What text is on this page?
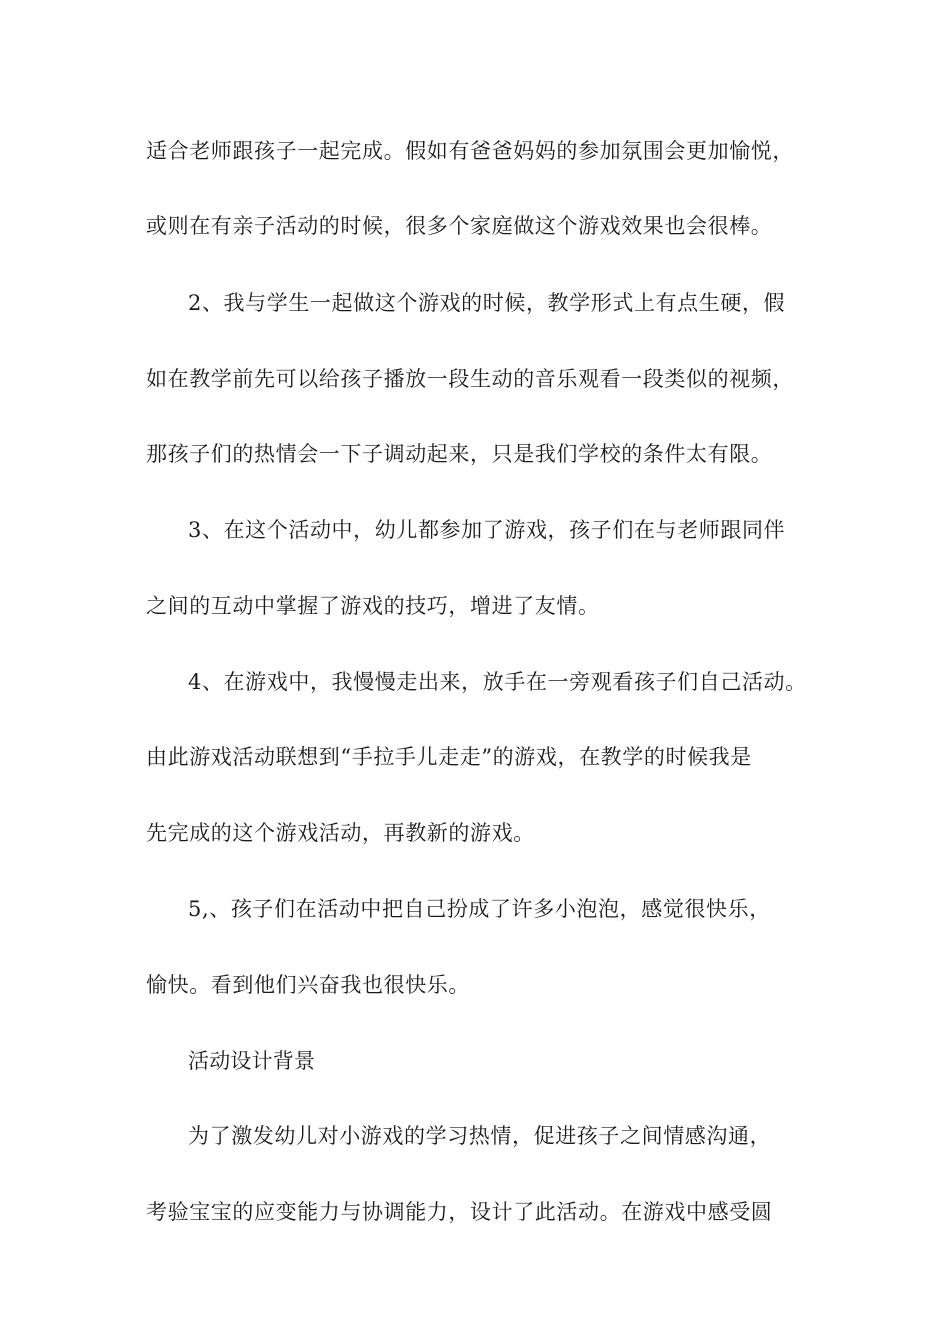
适合老师跟孩子一起完成。假如有爸爸妈妈的参加氛围会更加愉悦，
或则在有亲子活动的时候，很多个家庭做这个游戏效果也会很棒。
2、我与学生一起做这个游戏的时候，教学形式上有点生硬，假
如在教学前先可以给孩子播放一段生动的音乐观看一段类似的视频，
那孩子们的热情会一下子调动起来，只是我们学校的条件太有限。
3、在这个活动中，幼儿都参加了游戏，孩子们在与老师跟同伴
之间的互动中掌握了游戏的技巧，增进了友情。
4、在游戏中，我慢慢走出来，放手在一旁观看孩子们自己活动。
由此游戏活动联想到“手拉手儿走走”的游戏，在教学的时候我是
先完成的这个游戏活动，再教新的游戏。
5,、孩子们在活动中把自己扮成了许多小泡泡，感觉很快乐，
愉快。看到他们兴奋我也很快乐。
活动设计背景
为了激发幼儿对小游戏的学习热情，促进孩子之间情感沟通，
考验宝宝的应变能力与协调能力，设计了此活动。在游戏中感受圆
